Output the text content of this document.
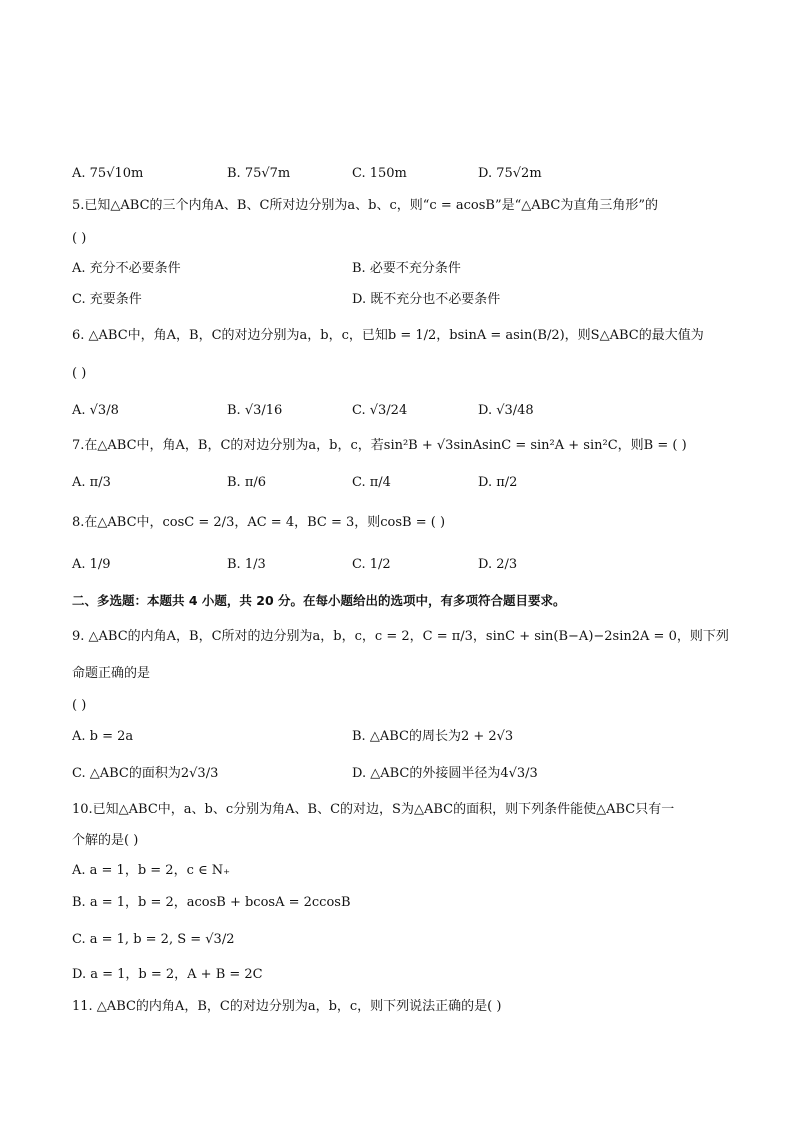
A. 75√10m	B. 75√7m	C. 150m	D. 75√2m
5.已知△ABC的三个内角A、B、C所对边分别为a、b、c，则“c = acosB”是“△ABC为直角三角形”的
( )
A. 充分不必要条件	B. 必要不充分条件
C. 充要条件	D. 既不充分也不必要条件
6. △ABC中，角A，B，C的对边分别为a，b，c，已知b = 1/2，bsinA = asin(B/2)，则S△ABC的最大值为
( )
A. √3/8	B. √3/16	C. √3/24	D. √3/48
7.在△ABC中，角A，B，C的对边分别为a，b，c，若sin²B + √3sinAsinC = sin²A + sin²C，则B = ( )
A. π/3	B. π/6	C. π/4	D. π/2
8.在△ABC中，cosC = 2/3，AC = 4，BC = 3，则cosB = ( )
A. 1/9	B. 1/3	C. 1/2	D. 2/3
二、多选题：本题共 4 小题，共 20 分。在每小题给出的选项中，有多项符合题目要求。
9. △ABC的内角A，B，C所对的边分别为a，b，c，c = 2，C = π/3，sinC + sin(B−A)−2sin2A = 0，则下列
命题正确的是
( )
A. b = 2a	B. △ABC的周长为2 + 2√3
C. △ABC的面积为2√3/3	D. △ABC的外接圆半径为4√3/3
10.已知△ABC中，a、b、c分别为角A、B、C的对边，S为△ABC的面积，则下列条件能使△ABC只有一
个解的是( )
A. a = 1，b = 2，c ∈ N₊
B. a = 1，b = 2，acosB + bcosA = 2ccosB
C. a = 1, b = 2, S = √3/2
D. a = 1，b = 2，A + B = 2C
11. △ABC的内角A，B，C的对边分别为a，b，c，则下列说法正确的是( )
